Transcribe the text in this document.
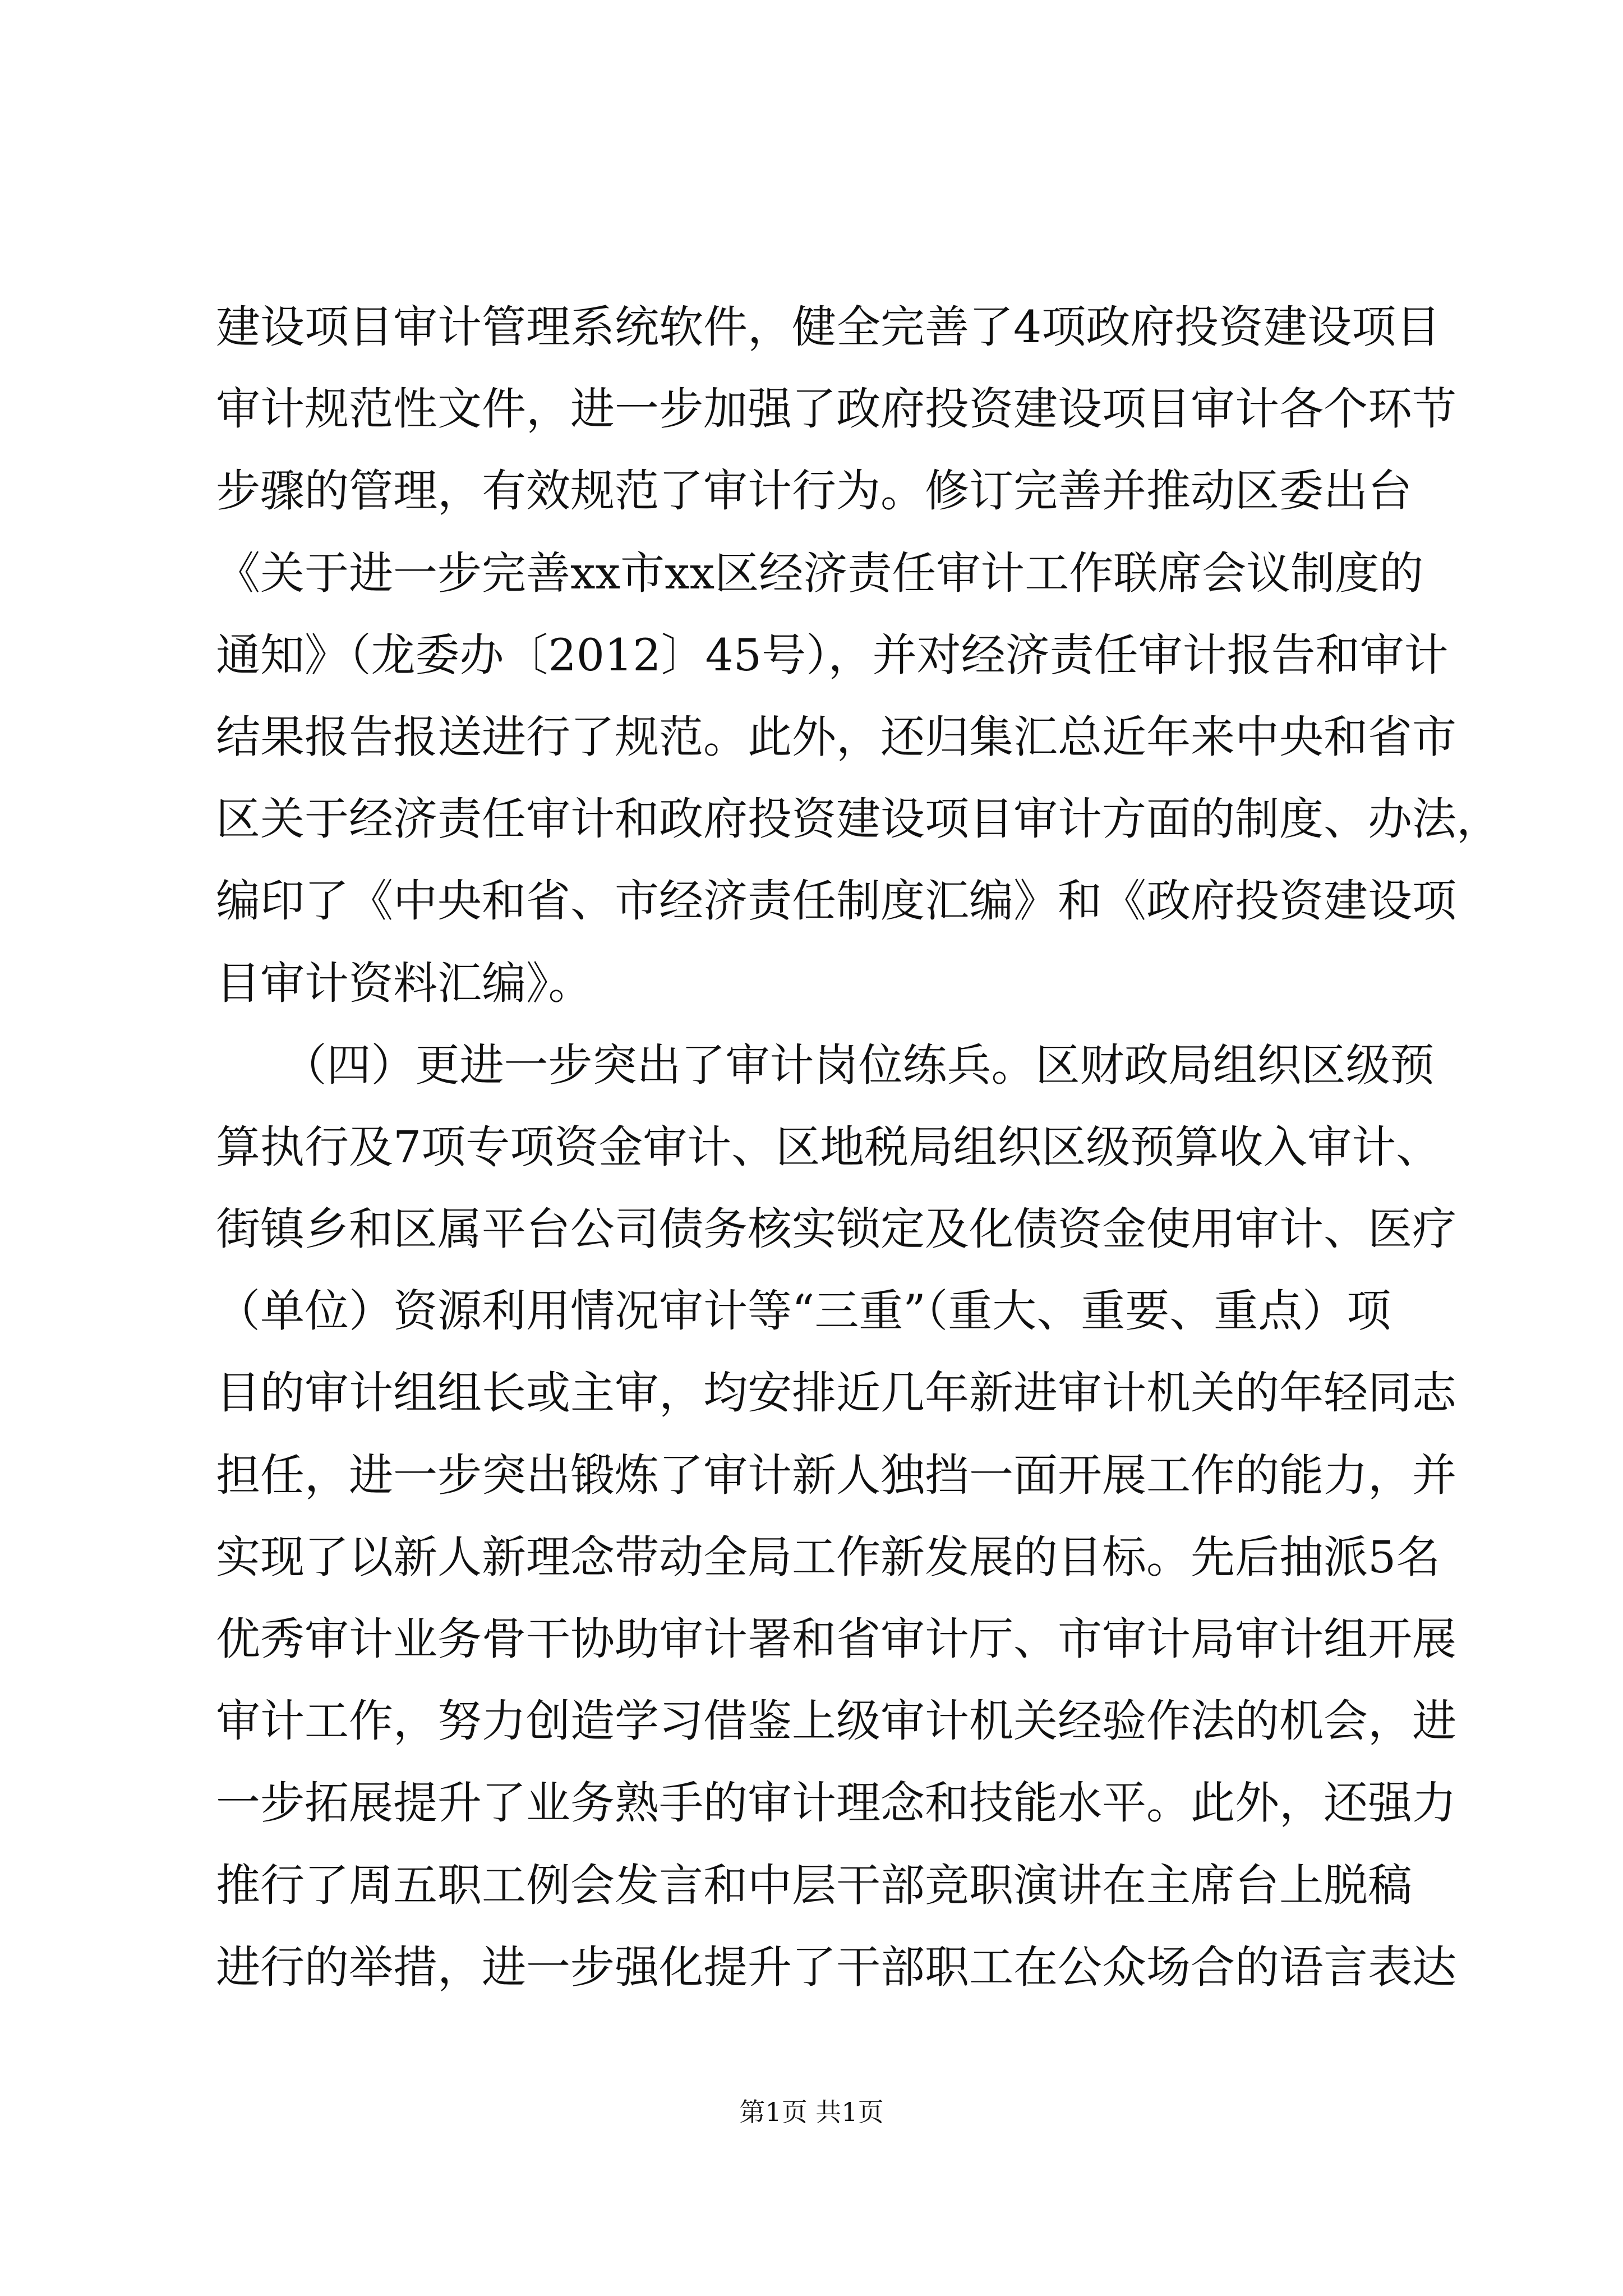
建设项目审计管理系统软件，健全完善了4项政府投资建设项目
审计规范性文件，进一步加强了政府投资建设项目审计各个环节
步骤的管理，有效规范了审计行为。修订完善并推动区委出台
《关于进一步完善xx市xx区经济责任审计工作联席会议制度的
通知》（龙委办〔2012〕45号），并对经济责任审计报告和审计
结果报告报送进行了规范。此外，还归集汇总近年来中央和省市
区关于经济责任审计和政府投资建设项目审计方面的制度、办法，
编印了《中央和省、市经济责任制度汇编》和《政府投资建设项
目审计资料汇编》。
　　（四）更进一步突出了审计岗位练兵。区财政局组织区级预
算执行及7项专项资金审计、区地税局组织区级预算收入审计、
街镇乡和区属平台公司债务核实锁定及化债资金使用审计、医疗
（单位）资源利用情况审计等“三重”（重大、重要、重点）项
目的审计组组长或主审，均安排近几年新进审计机关的年轻同志
担任，进一步突出锻炼了审计新人独挡一面开展工作的能力，并
实现了以新人新理念带动全局工作新发展的目标。先后抽派5名
优秀审计业务骨干协助审计署和省审计厅、市审计局审计组开展
审计工作，努力创造学习借鉴上级审计机关经验作法的机会，进
一步拓展提升了业务熟手的审计理念和技能水平。此外，还强力
推行了周五职工例会发言和中层干部竞职演讲在主席台上脱稿
进行的举措，进一步强化提升了干部职工在公众场合的语言表达
第1页 共1页
